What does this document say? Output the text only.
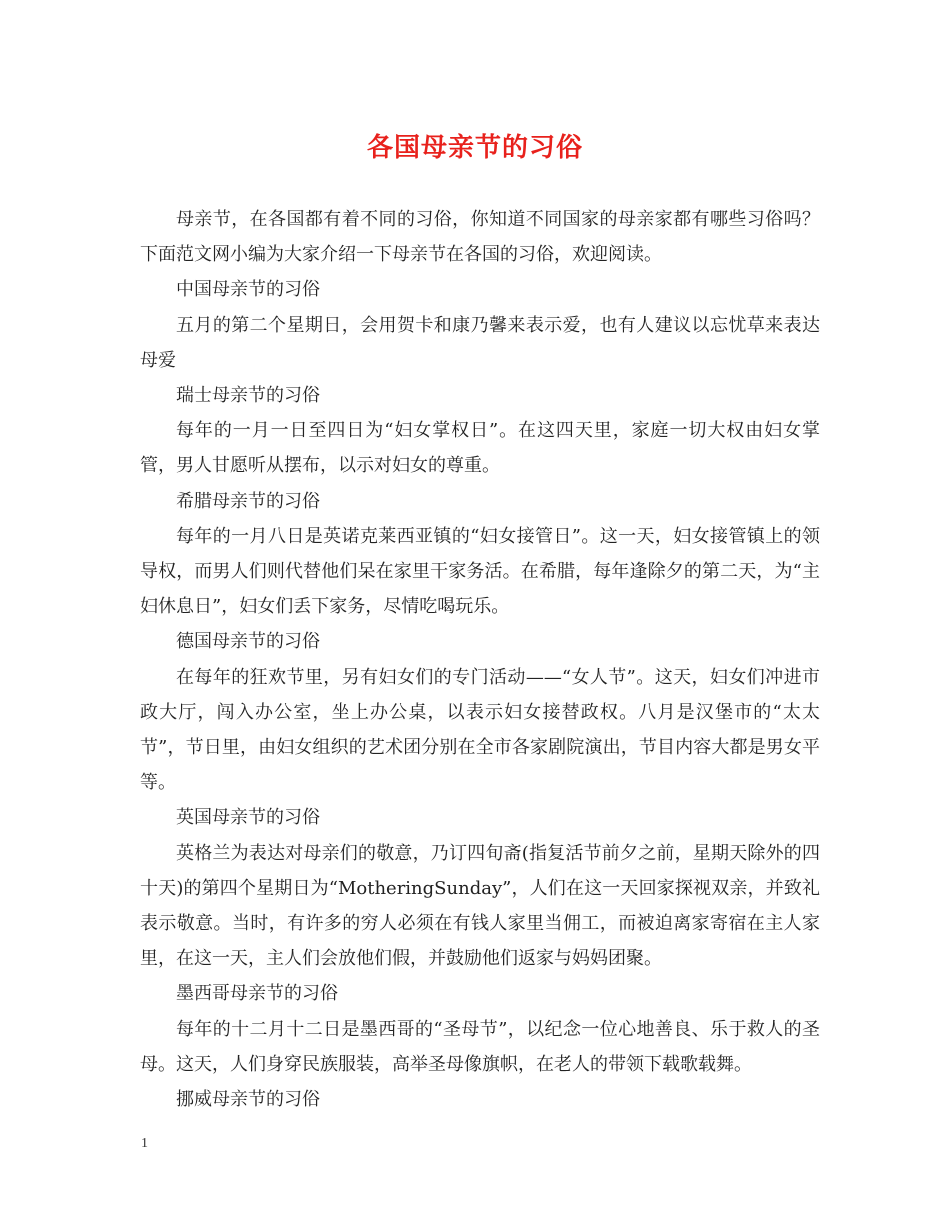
各国母亲节的习俗

母亲节，在各国都有着不同的习俗，你知道不同国家的母亲家都有哪些习俗吗？下面范文网小编为大家介绍一下母亲节在各国的习俗，欢迎阅读。

中国母亲节的习俗

五月的第二个星期日，会用贺卡和康乃馨来表示爱，也有人建议以忘忧草来表达母爱

瑞士母亲节的习俗

每年的一月一日至四日为“妇女掌权日”。在这四天里，家庭一切大权由妇女掌管，男人甘愿听从摆布，以示对妇女的尊重。

希腊母亲节的习俗

每年的一月八日是英诺克莱西亚镇的“妇女接管日”。这一天，妇女接管镇上的领导权，而男人们则代替他们呆在家里干家务活。在希腊，每年逢除夕的第二天，为“主妇休息日”，妇女们丢下家务，尽情吃喝玩乐。

德国母亲节的习俗

在每年的狂欢节里，另有妇女们的专门活动——“女人节”。这天，妇女们冲进市政大厅，闯入办公室，坐上办公桌，以表示妇女接替政权。八月是汉堡市的“太太节”，节日里，由妇女组织的艺术团分别在全市各家剧院演出，节目内容大都是男女平等。

英国母亲节的习俗

英格兰为表达对母亲们的敬意，乃订四旬斋(指复活节前夕之前，星期天除外的四十天)的第四个星期日为“MotheringSunday”，人们在这一天回家探视双亲，并致礼表示敬意。当时，有许多的穷人必须在有钱人家里当佣工，而被迫离家寄宿在主人家里，在这一天，主人们会放他们假，并鼓励他们返家与妈妈团聚。

墨西哥母亲节的习俗

每年的十二月十二日是墨西哥的“圣母节”，以纪念一位心地善良、乐于救人的圣母。这天，人们身穿民族服装，高举圣母像旗帜，在老人的带领下载歌载舞。

挪威母亲节的习俗

1
